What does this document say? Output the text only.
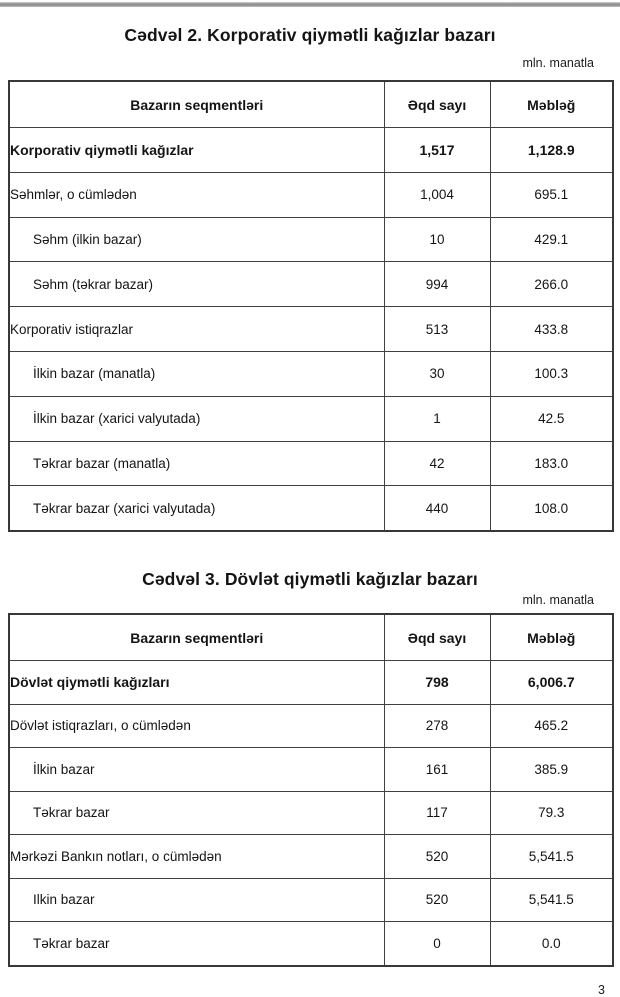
Cədvəl 2. Korporativ qiymətli kağızlar bazarı
mln. manatla
Bazarın seqmentləri	Əqd sayı	Məbləğ
Korporativ qiymətli kağızlar	1,517	1,128.9
Səhmlər, o cümlədən	1,004	695.1
Səhm (ilkin bazar)	10	429.1
Səhm (təkrar bazar)	994	266.0
Korporativ istiqrazlar	513	433.8
İlkin bazar (manatla)	30	100.3
İlkin bazar (xarici valyutada)	1	42.5
Təkrar bazar (manatla)	42	183.0
Təkrar bazar (xarici valyutada)	440	108.0
Cədvəl 3. Dövlət qiymətli kağızlar bazarı
mln. manatla
Bazarın seqmentləri	Əqd sayı	Məbləğ
Dövlət qiymətli kağızları	798	6,006.7
Dövlət istiqrazları, o cümlədən	278	465.2
İlkin bazar	161	385.9
Təkrar bazar	117	79.3
Mərkəzi Bankın notları, o cümlədən	520	5,541.5
Ilkin bazar	520	5,541.5
Təkrar bazar	0	0.0
3
